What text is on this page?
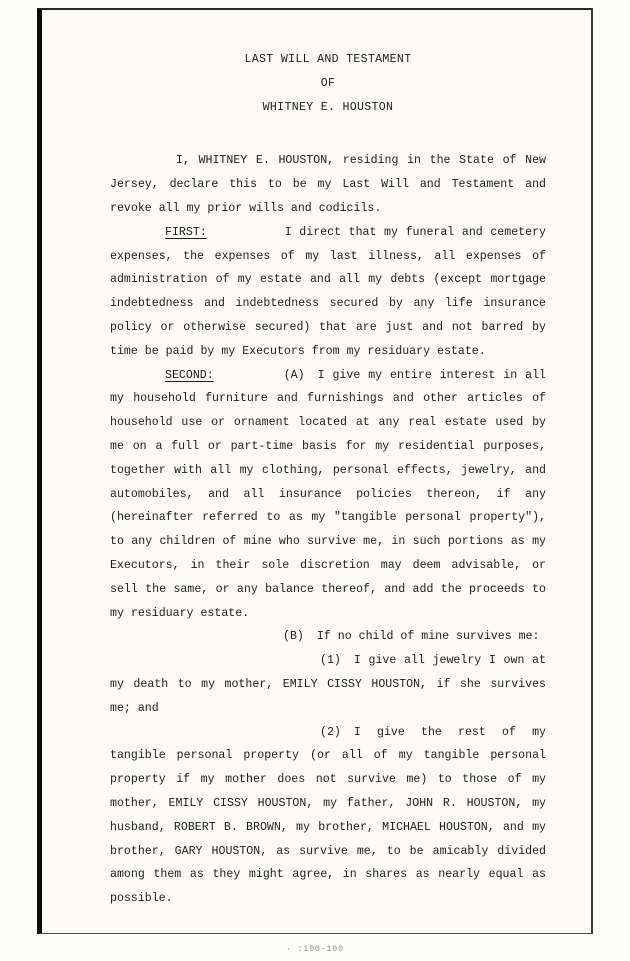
LAST WILL AND TESTAMENT
OF
WHITNEY E. HOUSTON

I, WHITNEY E. HOUSTON, residing in the State of New Jersey, declare this to be my Last Will and Testament and revoke all my prior wills and codicils.

FIRST:	I direct that my funeral and cemetery expenses, the expenses of my last illness, all expenses of administration of my estate and all my debts (except mortgage indebtedness and indebtedness secured by any life insurance policy or otherwise secured) that are just and not barred by time be paid by my Executors from my residuary estate.

SECOND:	(A) I give my entire interest in all my household furniture and furnishings and other articles of household use or ornament located at any real estate used by me on a full or part-time basis for my residential purposes, together with all my clothing, personal effects, jewelry, and automobiles, and all insurance policies thereon, if any (hereinafter referred to as my "tangible personal property"), to any children of mine who survive me, in such portions as my Executors, in their sole discretion may deem advisable, or sell the same, or any balance thereof, and add the proceeds to my residuary estate.

(B) If no child of mine survives me:

(1) I give all jewelry I own at my death to my mother, EMILY CISSY HOUSTON, if she survives me; and

(2) I give the rest of my tangible personal property (or all of my tangible personal property if my mother does not survive me) to those of my mother, EMILY CISSY HOUSTON, my father, JOHN R. HOUSTON, my husband, ROBERT B. BROWN, my brother, MICHAEL HOUSTON, and my brother, GARY HOUSTON, as survive me, to be amicably divided among them as they might agree, in shares as nearly equal as possible.

· :100-100
